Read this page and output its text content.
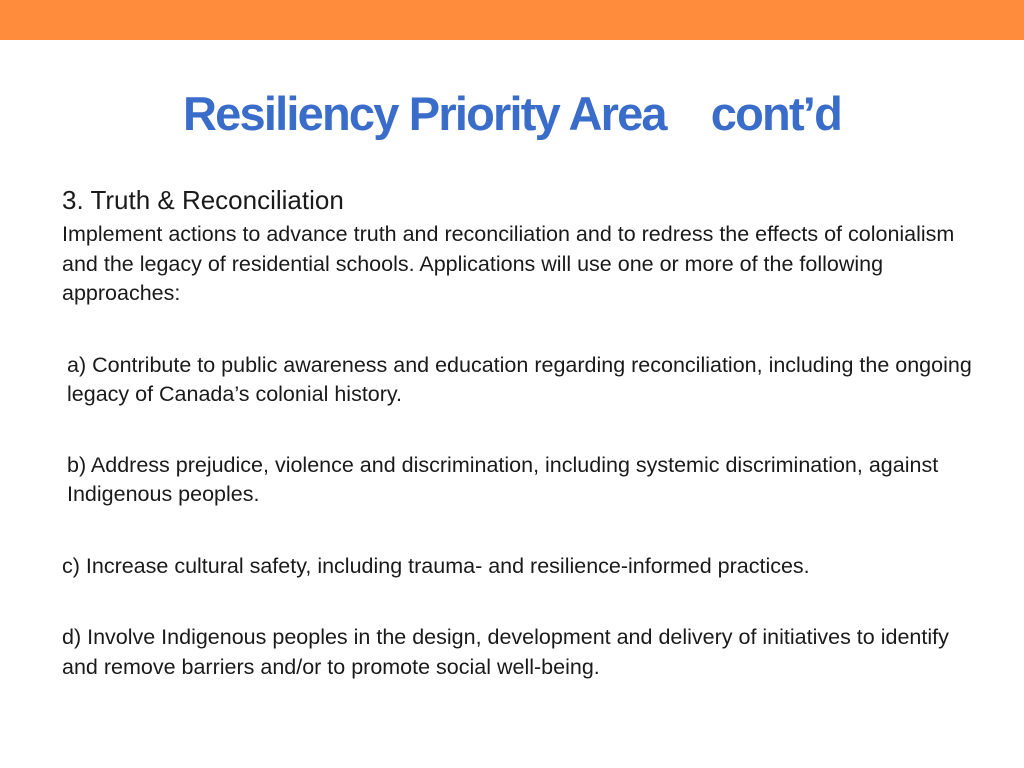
Resiliency Priority Area    cont’d

3. Truth & Reconciliation

Implement actions to advance truth and reconciliation and to redress the effects of colonialism and the legacy of residential schools. Applications will use one or more of the following approaches:

a) Contribute to public awareness and education regarding reconciliation, including the ongoing legacy of Canada’s colonial history.

b) Address prejudice, violence and discrimination, including systemic discrimination, against Indigenous peoples.

c) Increase cultural safety, including trauma- and resilience-informed practices.

d) Involve Indigenous peoples in the design, development and delivery of initiatives to identify and remove barriers and/or to promote social well-being.
